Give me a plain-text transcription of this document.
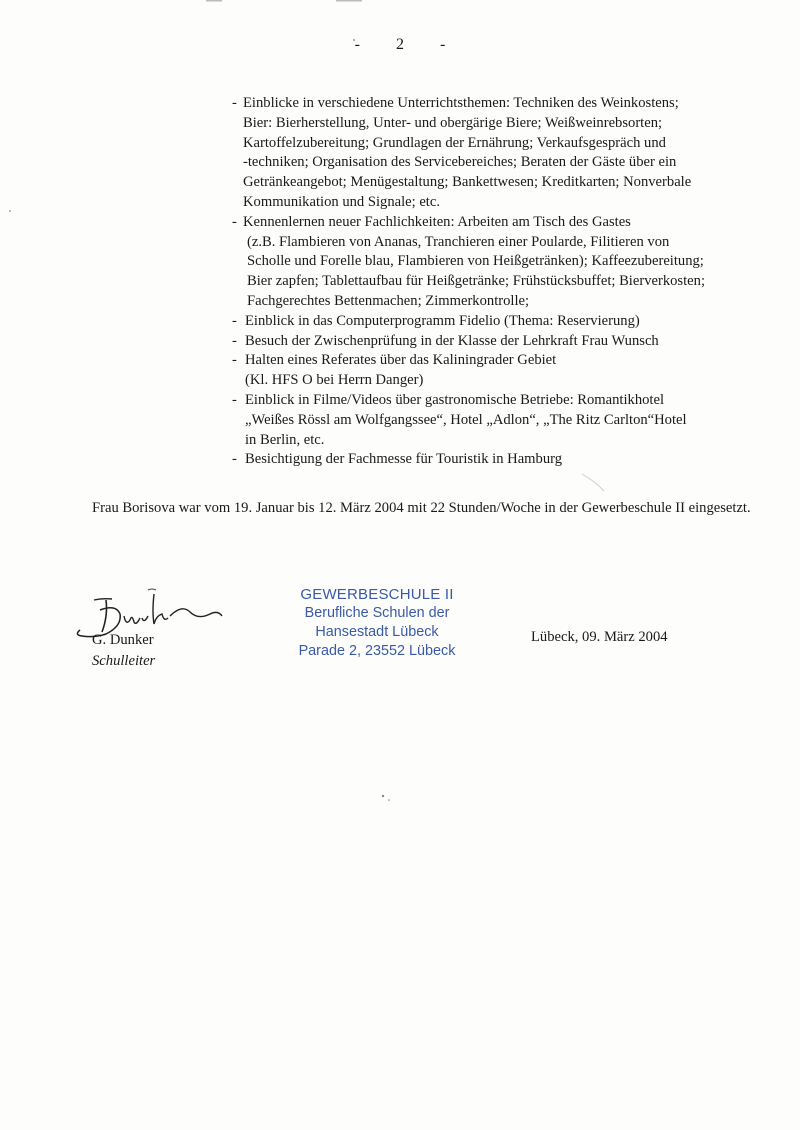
- 2 -
- Einblicke in verschiedene Unterrichtsthemen: Techniken des Weinkostens;
Bier: Bierherstellung, Unter- und obergärige Biere; Weißweinrebsorten;
Kartoffelzubereitung; Grundlagen der Ernährung; Verkaufsgespräch und
-techniken; Organisation des Servicebereiches; Beraten der Gäste über ein
Getränkeangebot; Menügestaltung; Bankettwesen; Kreditkarten; Nonverbale
Kommunikation und Signale; etc.
- Kennenlernen neuer Fachlichkeiten: Arbeiten am Tisch des Gastes
(z.B. Flambieren von Ananas, Tranchieren einer Poularde, Filitieren von
Scholle und Forelle blau, Flambieren von Heißgetränken); Kaffeezubereitung;
Bier zapfen; Tablettaufbau für Heißgetränke; Frühstücksbuffet; Bierverkosten;
Fachgerechtes Bettenmachen; Zimmerkontrolle;
- Einblick in das Computerprogramm Fidelio (Thema: Reservierung)
- Besuch der Zwischenprüfung in der Klasse der Lehrkraft Frau Wunsch
- Halten eines Referates über das Kaliningrader Gebiet
(Kl. HFS O bei Herrn Danger)
- Einblick in Filme/Videos über gastronomische Betriebe: Romantikhotel
„Weißes Rössl am Wolfgangssee“, Hotel „Adlon“, „The Ritz Carlton“Hotel
in Berlin, etc.
- Besichtigung der Fachmesse für Touristik in Hamburg
Frau Borisova war vom 19. Januar bis 12. März 2004 mit 22 Stunden/Woche in der Gewerbeschule II eingesetzt.
G. Dunker
Schulleiter
GEWERBESCHULE II
Berufliche Schulen der
Hansestadt Lübeck
Parade 2, 23552 Lübeck
Lübeck, 09. März 2004
